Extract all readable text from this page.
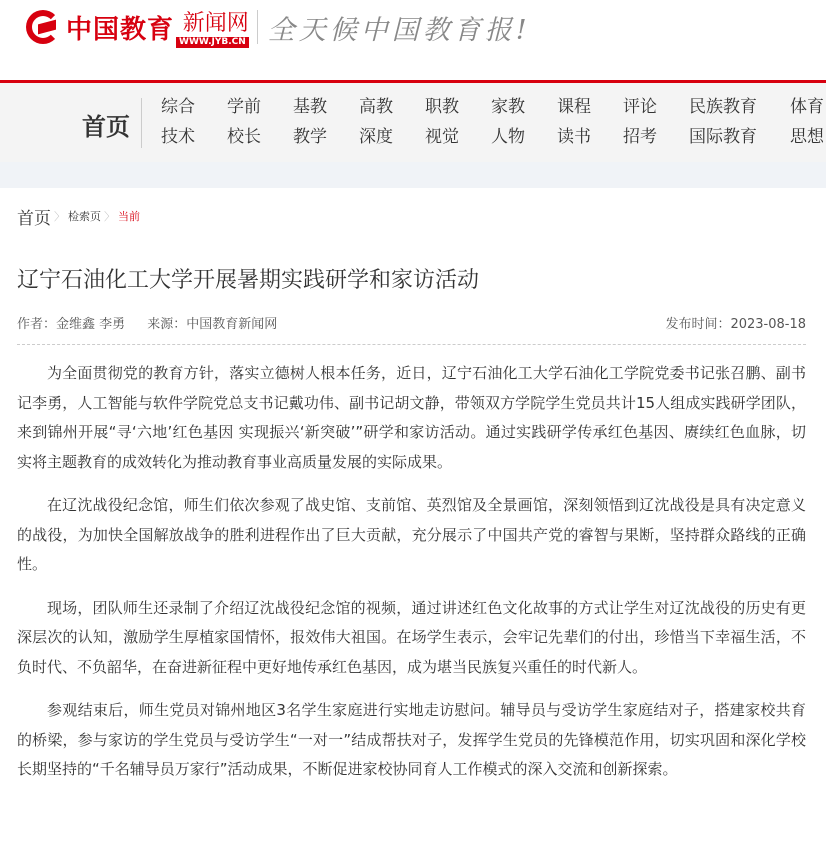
中国教育 新闻网
WWW.JYB.CN 全天候中国教育报!
首页
综合	学前	基教	高教	职教	家教	课程	评论	民族教育	体育
技术	校长	教学	深度	视觉	人物	读书	招考	国际教育	思想
首页 〉 检索页 〉 当前
辽宁石油化工大学开展暑期实践研学和家访活动
作者：金维鑫 李勇 来源：中国教育新闻网	发布时间：2023-08-18

为全面贯彻党的教育方针，落实立德树人根本任务，近日，辽宁石油化工大学石油化工学院党委书记张召鹏、副书记李勇，人工智能与软件学院党总支书记戴功伟、副书记胡文静，带领双方学院学生党员共计15人组成实践研学团队，来到锦州开展“寻‘六地’红色基因 实现振兴‘新突破’”研学和家访活动。通过实践研学传承红色基因、赓续红色血脉，切实将主题教育的成效转化为推动教育事业高质量发展的实际成果。

在辽沈战役纪念馆，师生们依次参观了战史馆、支前馆、英烈馆及全景画馆，深刻领悟到辽沈战役是具有决定意义的战役，为加快全国解放战争的胜利进程作出了巨大贡献，充分展示了中国共产党的睿智与果断，坚持群众路线的正确性。

现场，团队师生还录制了介绍辽沈战役纪念馆的视频，通过讲述红色文化故事的方式让学生对辽沈战役的历史有更深层次的认知，激励学生厚植家国情怀，报效伟大祖国。在场学生表示，会牢记先辈们的付出，珍惜当下幸福生活，不负时代、不负韶华，在奋进新征程中更好地传承红色基因，成为堪当民族复兴重任的时代新人。

参观结束后，师生党员对锦州地区3名学生家庭进行实地走访慰问。辅导员与受访学生家庭结对子，搭建家校共育的桥梁，参与家访的学生党员与受访学生“一对一”结成帮扶对子，发挥学生党员的先锋模范作用，切实巩固和深化学校长期坚持的“千名辅导员万家行”活动成果，不断促进家校协同育人工作模式的深入交流和创新探索。
